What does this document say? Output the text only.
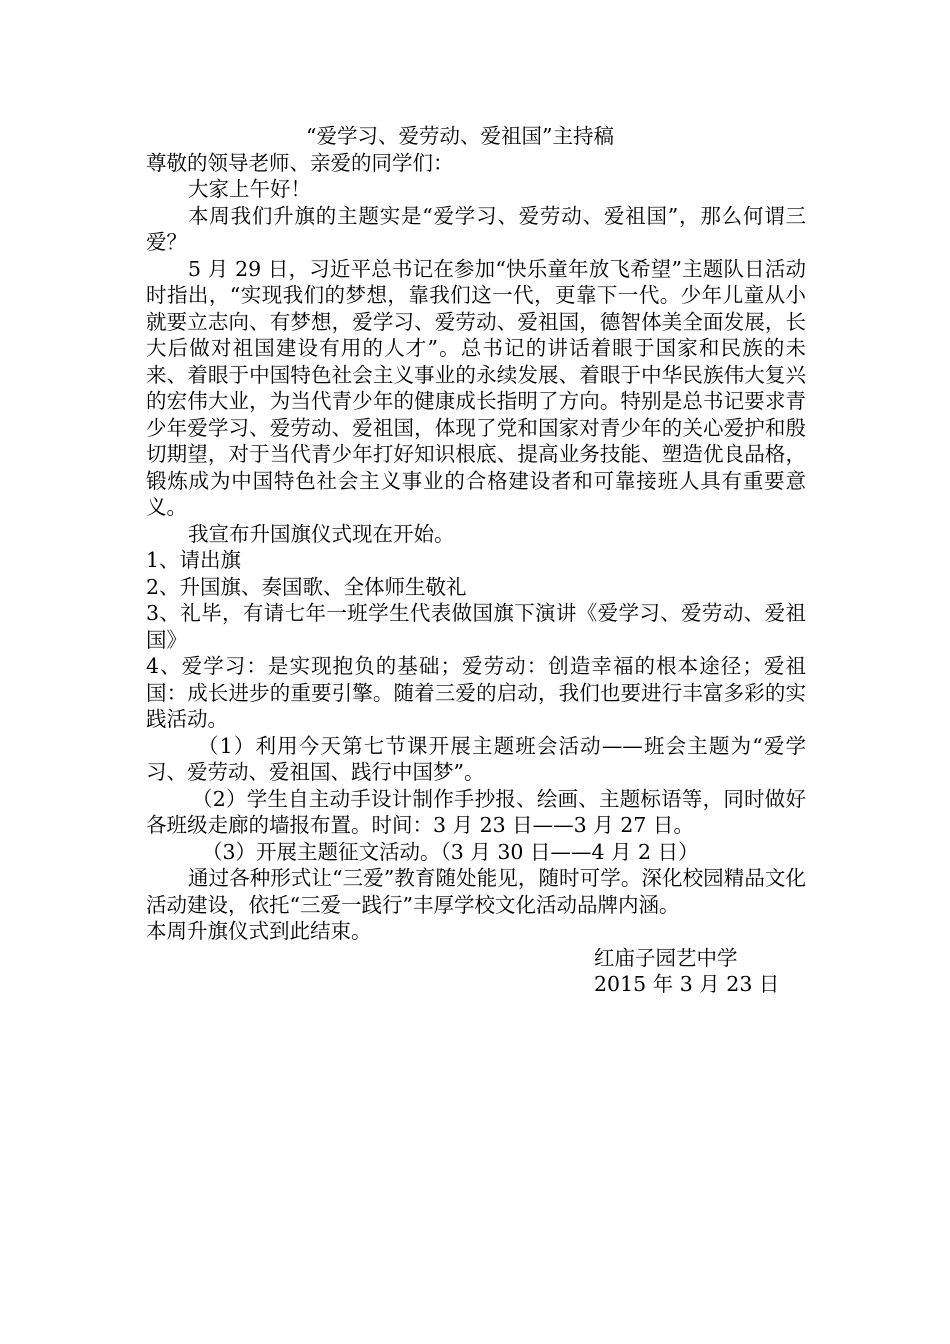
“爱学习、爱劳动、爱祖国”主持稿
尊敬的领导老师、亲爱的同学们：
大家上午好！
本周我们升旗的主题实是“爱学习、爱劳动、爱祖国”，那么何谓三爱？
5 月 29 日，习近平总书记在参加“快乐童年放飞希望”主题队日活动时指出，“实现我们的梦想，靠我们这一代，更靠下一代。少年儿童从小就要立志向、有梦想，爱学习、爱劳动、爱祖国，德智体美全面发展，长大后做对祖国建设有用的人才”。总书记的讲话着眼于国家和民族的未来、着眼于中国特色社会主义事业的永续发展、着眼于中华民族伟大复兴的宏伟大业，为当代青少年的健康成长指明了方向。特别是总书记要求青少年爱学习、爱劳动、爱祖国，体现了党和国家对青少年的关心爱护和殷切期望，对于当代青少年打好知识根底、提高业务技能、塑造优良品格，锻炼成为中国特色社会主义事业的合格建设者和可靠接班人具有重要意义。
我宣布升国旗仪式现在开始。
1、请出旗
2、升国旗、奏国歌、全体师生敬礼
3、礼毕，有请七年一班学生代表做国旗下演讲《爱学习、爱劳动、爱祖国》
4、爱学习：是实现抱负的基础；爱劳动：创造幸福的根本途径；爱祖国：成长进步的重要引擎。随着三爱的启动，我们也要进行丰富多彩的实践活动。
（1）利用今天第七节课开展主题班会活动——班会主题为“爱学习、爱劳动、爱祖国、践行中国梦”。
（2）学生自主动手设计制作手抄报、绘画、主题标语等，同时做好各班级走廊的墙报布置。时间：3 月 23 日——3 月 27 日。
（3）开展主题征文活动。（3 月 30 日——4 月 2 日）
通过各种形式让“三爱”教育随处能见，随时可学。深化校园精品文化活动建设，依托“三爱一践行”丰厚学校文化活动品牌内涵。
本周升旗仪式到此结束。
红庙子园艺中学
2015 年 3 月 23 日
